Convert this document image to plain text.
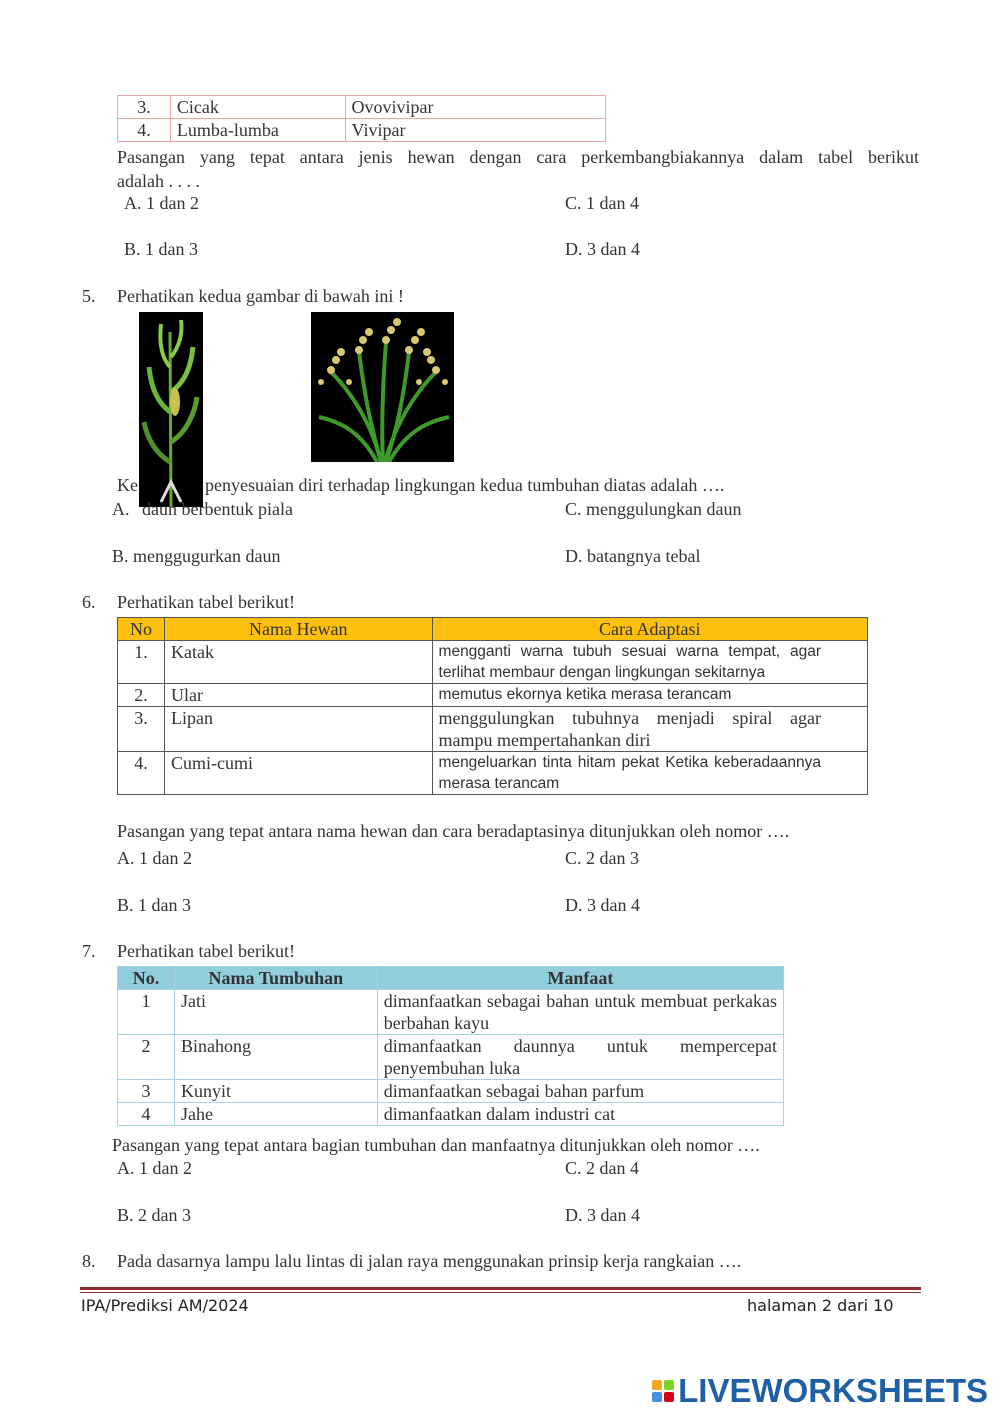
3.	Cicak	Ovovivipar
4.	Lumba-lumba	Vivipar
Pasangan yang tepat antara jenis hewan dengan cara perkembangbiakannya dalam tabel berikut
adalah . . . .
A. 1 dan 2	C. 1 dan 4
B. 1 dan 3	D. 3 dan 4
5. Perhatikan kedua gambar di bawah ini !
Ke	penyesuaian diri terhadap lingkungan kedua tumbuhan diatas adalah ….
A. daun berbentuk piala	C. menggulungkan daun
B. menggugurkan daun	D. batangnya tebal
6. Perhatikan tabel berikut!
No	Nama Hewan	Cara Adaptasi
1.	Katak	mengganti warna tubuh sesuai warna tempat, agar terlihat membaur dengan lingkungan sekitarnya
2.	Ular	memutus ekornya ketika merasa terancam
3.	Lipan	menggulungkan tubuhnya menjadi spiral agar mampu mempertahankan diri
4.	Cumi-cumi	mengeluarkan tinta hitam pekat Ketika keberadaannya merasa terancam
Pasangan yang tepat antara nama hewan dan cara beradaptasinya ditunjukkan oleh nomor ….
A. 1 dan 2	C. 2 dan 3
B. 1 dan 3	D. 3 dan 4
7. Perhatikan tabel berikut!
No.	Nama Tumbuhan	Manfaat
1	Jati	dimanfaatkan sebagai bahan untuk membuat perkakas berbahan kayu
2	Binahong	dimanfaatkan daunnya untuk mempercepat penyembuhan luka
3	Kunyit	dimanfaatkan sebagai bahan parfum
4	Jahe	dimanfaatkan dalam industri cat
Pasangan yang tepat antara bagian tumbuhan dan manfaatnya ditunjukkan oleh nomor ….
A. 1 dan 2	C. 2 dan 4
B. 2 dan 3	D. 3 dan 4
8. Pada dasarnya lampu lalu lintas di jalan raya menggunakan prinsip kerja rangkaian ….
IPA/Prediksi AM/2024	halaman 2 dari 10
LIVEWORKSHEETS
